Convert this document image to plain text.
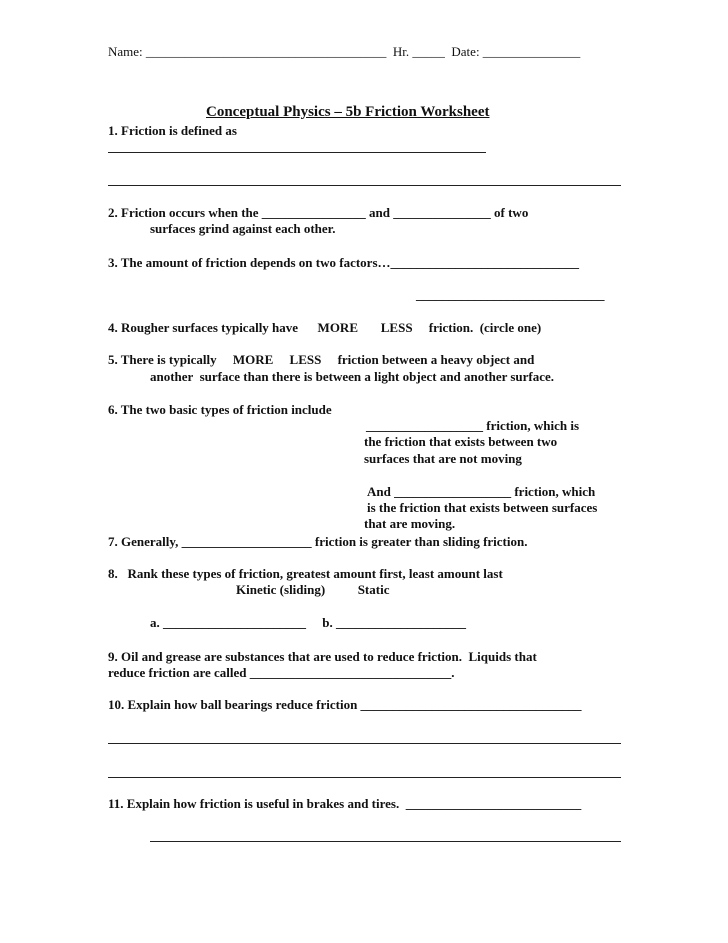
Name: _____________________________________  Hr. _____  Date: _______________
Conceptual Physics – 5b Friction Worksheet
1. Friction is defined as
2. Friction occurs when the ________________ and _______________ of two
surfaces grind against each other.
3. The amount of friction depends on two factors…_____________________________
_____________________________
4. Rougher surfaces typically have      MORE       LESS     friction.  (circle one)
5. There is typically     MORE     LESS     friction between a heavy object and
another  surface than there is between a light object and another surface.
6. The two basic types of friction include
__________________ friction, which is
the friction that exists between two
surfaces that are not moving
And __________________ friction, which
is the friction that exists between surfaces
that are moving.
7. Generally, ____________________ friction is greater than sliding friction.
8.   Rank these types of friction, greatest amount first, least amount last
Kinetic (sliding)          Static
a. ______________________     b. ____________________
9. Oil and grease are substances that are used to reduce friction.  Liquids that
reduce friction are called _______________________________.
10. Explain how ball bearings reduce friction __________________________________
11. Explain how friction is useful in brakes and tires.  ___________________________
